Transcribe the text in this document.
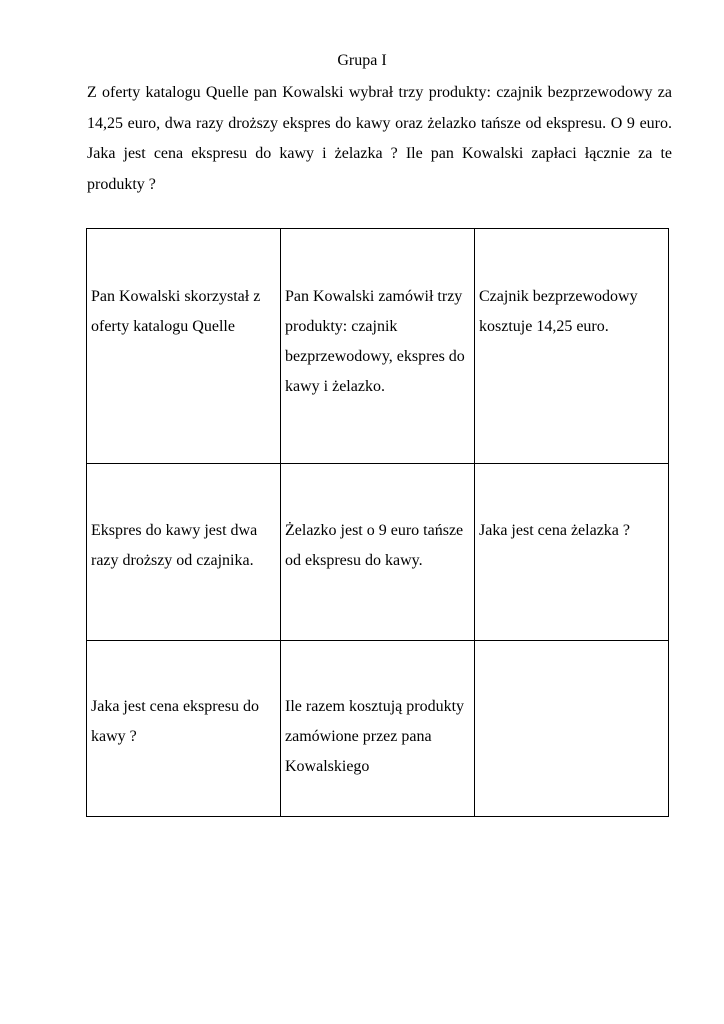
Grupa I

Z oferty katalogu Quelle pan Kowalski wybrał trzy produkty: czajnik bezprzewodowy za 14,25 euro, dwa razy droższy ekspres do kawy oraz żelazko tańsze od ekspresu. O 9 euro. Jaka jest cena ekspresu do kawy i żelazka ? Ile pan Kowalski zapłaci łącznie za te produkty ?

Pan Kowalski skorzystał z oferty katalogu Quelle	Pan Kowalski zamówił trzy produkty: czajnik bezprzewodowy, ekspres do kawy i żelazko.	Czajnik bezprzewodowy kosztuje 14,25 euro.

Ekspres do kawy jest dwa razy droższy od czajnika.	Żelazko jest o 9 euro tańsze od ekspresu do kawy.	Jaka jest cena żelazka ?

Jaka jest cena ekspresu do kawy ?	Ile razem kosztują produkty zamówione przez pana Kowalskiego	
